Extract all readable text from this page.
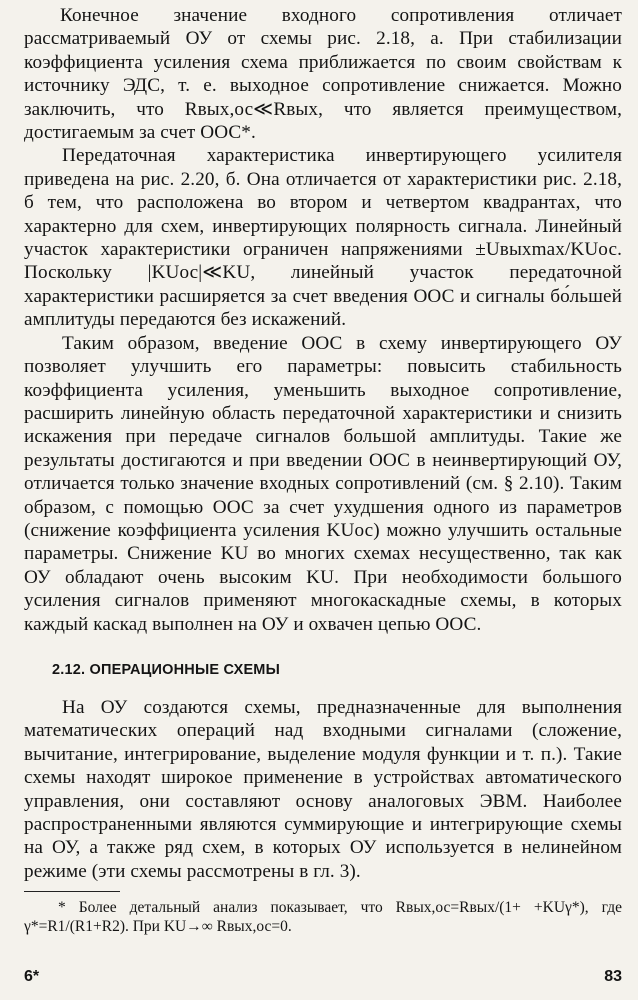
Конечное значение входного сопротивления отличает рассматриваемый ОУ от схемы рис. 2.18, а. При стабилизации коэффициента усиления схема приближается по своим свойствам к источнику ЭДС, т. е. выходное сопротивление снижается. Можно заключить, что Rвых,ос≪Rвых, что является преимуществом, достигаемым за счет ООС*.

Передаточная характеристика инвертирующего усилителя приведена на рис. 2.20, б. Она отличается от характеристики рис. 2.18, б тем, что расположена во втором и четвертом квадрантах, что характерно для схем, инвертирующих полярность сигнала. Линейный участок характеристики ограничен напряжениями ±Uвыхmax/KUос. Поскольку |KUос|≪KU, линейный участок передаточной характеристики расширяется за счет введения ООС и сигналы бо́льшей амплитуды передаются без искажений.

Таким образом, введение ООС в схему инвертирующего ОУ позволяет улучшить его параметры: повысить стабильность коэффициента усиления, уменьшить выходное сопротивление, расширить линейную область передаточной характеристики и снизить искажения при передаче сигналов большой амплитуды. Такие же результаты достигаются и при введении ООС в неинвертирующий ОУ, отличается только значение входных сопротивлений (см. § 2.10). Таким образом, с помощью ООС за счет ухудшения одного из параметров (снижение коэффициента усиления KUос) можно улучшить остальные параметры. Снижение KU во многих схемах несущественно, так как ОУ обладают очень высоким KU. При необходимости большого усиления сигналов применяют многокаскадные схемы, в которых каждый каскад выполнен на ОУ и охвачен цепью ООС.

2.12. ОПЕРАЦИОННЫЕ СХЕМЫ

На ОУ создаются схемы, предназначенные для выполнения математических операций над входными сигналами (сложение, вычитание, интегрирование, выделение модуля функции и т. п.). Такие схемы находят широкое применение в устройствах автоматического управления, они составляют основу аналоговых ЭВМ. Наиболее распространенными являются суммирующие и интегрирующие схемы на ОУ, а также ряд схем, в которых ОУ используется в нелинейном режиме (эти схемы рассмотрены в гл. 3).

* Более детальный анализ показывает, что Rвых,ос=Rвых/(1+ +KUγ*), где γ*=R1/(R1+R2). При KU→∞ Rвых,ос=0.

6*	83
